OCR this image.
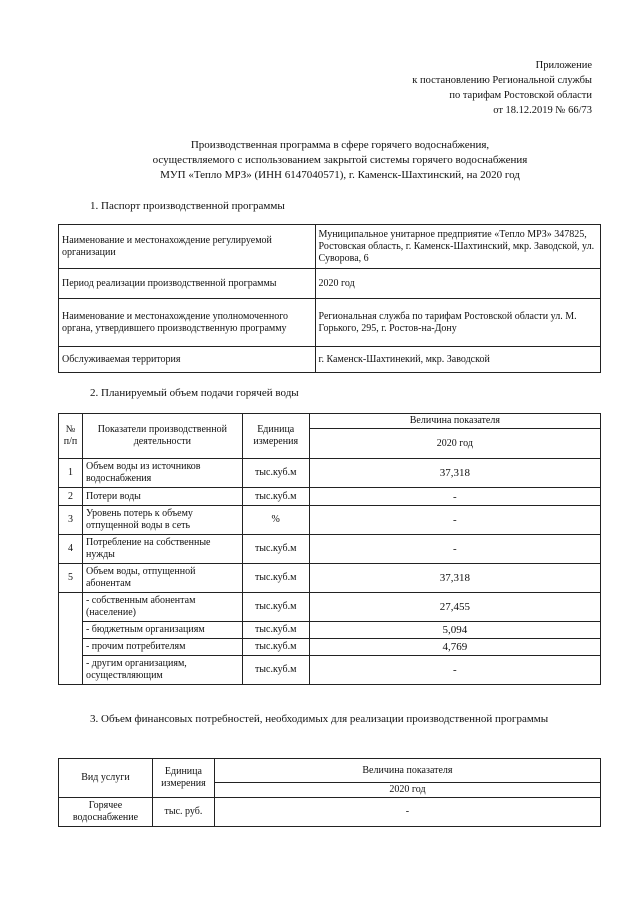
Приложение
к постановлению Региональной службы
по тарифам Ростовской области
от 18.12.2019 № 66/73
Производственная программа в сфере горячего водоснабжения,
осуществляемого с использованием закрытой системы горячего водоснабжения
МУП «Тепло МРЗ» (ИНН 6147040571), г. Каменск-Шахтинский, на 2020 год
1. Паспорт производственной программы
Наименование и местонахождение регулируемой организации	Муниципальное унитарное предприятие «Тепло МРЗ» 347825, Ростовская область, г. Каменск-Шахтинский, мкр. Заводской, ул. Суворова, 6
Период реализации производственной программы	2020 год
Наименование и местонахождение уполномоченного органа, утвердившего производственную программу	Региональная служба по тарифам Ростовской области ул. М. Горького, 295, г. Ростов-на-Дону
Обслуживаемая территория	г. Каменск-Шахтинекий, мкр. Заводской
2. Планируемый объем подачи горячей воды
№ п/п	Показатели производственной деятельности	Единица измерения	Величина показателя
			2020 год
1	Объем воды из источников водоснабжения	тыс.куб.м	37,318
2	Потери воды	тыс.куб.м	-
3	Уровень потерь к объему отпущенной воды в сеть	%	-
4	Потребление на собственные нужды	тыс.куб.м	-
5	Объем воды, отпущенной абонентам	тыс.куб.м	37,318
	- собственным абонентам (население)	тыс.куб.м	27,455
	- бюджетным организациям	тыс.куб.м	5,094
	- прочим потребителям	тыс.куб.м	4,769
	- другим организациям, осуществляющим	тыс.куб.м	-
3. Объем финансовых потребностей, необходимых для реализации производственной программы
Вид услуги	Единица измерения	Величина показателя
		2020 год
Горячее водоснабжение	тыс. руб.	-
